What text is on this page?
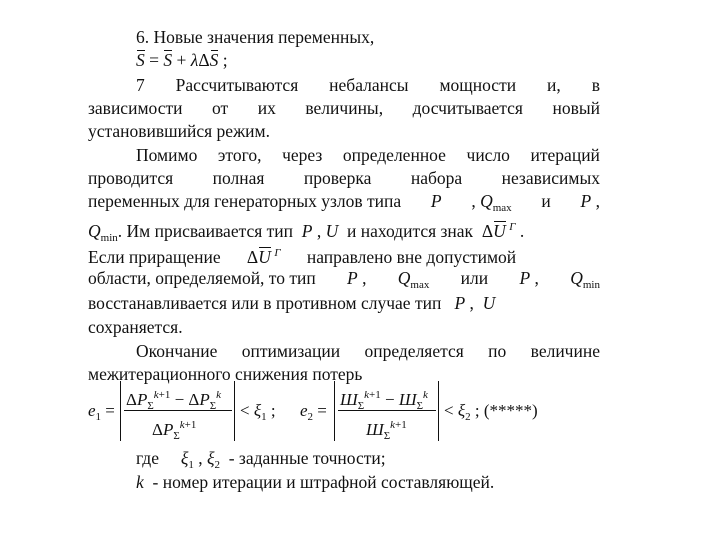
6. Новые значения переменных,
S = S + λΔS ;
7 Рассчитываются небалансы мощности и, в
зависимости от их величины, досчитывается новый
установившийся режим.
Помимо этого, через определенное число итераций
проводится полная проверка набора независимых
переменных для генераторных узлов типа P , $Q_{max}$ и P ,
$Q_{min}$. Им присваивается тип P , U и находится знак  ΔU  $^Г$ .
Если приращение      ΔU  $^Г$ направлено вне допустимой
области, определяемой, то тип P , $Q_{max}$ или P , $Q_{min}$
восстанавливается или в противном случае тип P ,  U
сохраняется.
Окончание оптимизации определяется по величине
межитерационного снижения потерь
$e_1$ =
$\Delta P_\Sigma^{k+1} - \Delta P_\Sigma^k$
$\Delta P_\Sigma^{k+1}$
< $\xi_1$ ; $e_2$ =
$Ш_\Sigma^{k+1} - Ш_\Sigma^k$
$Ш_\Sigma^{k+1}$
< $\xi_2$ ; (*****)
где $\xi_1$ , $\xi_2$ - заданные точности;
k - номер итерации и штрафной составляющей.
